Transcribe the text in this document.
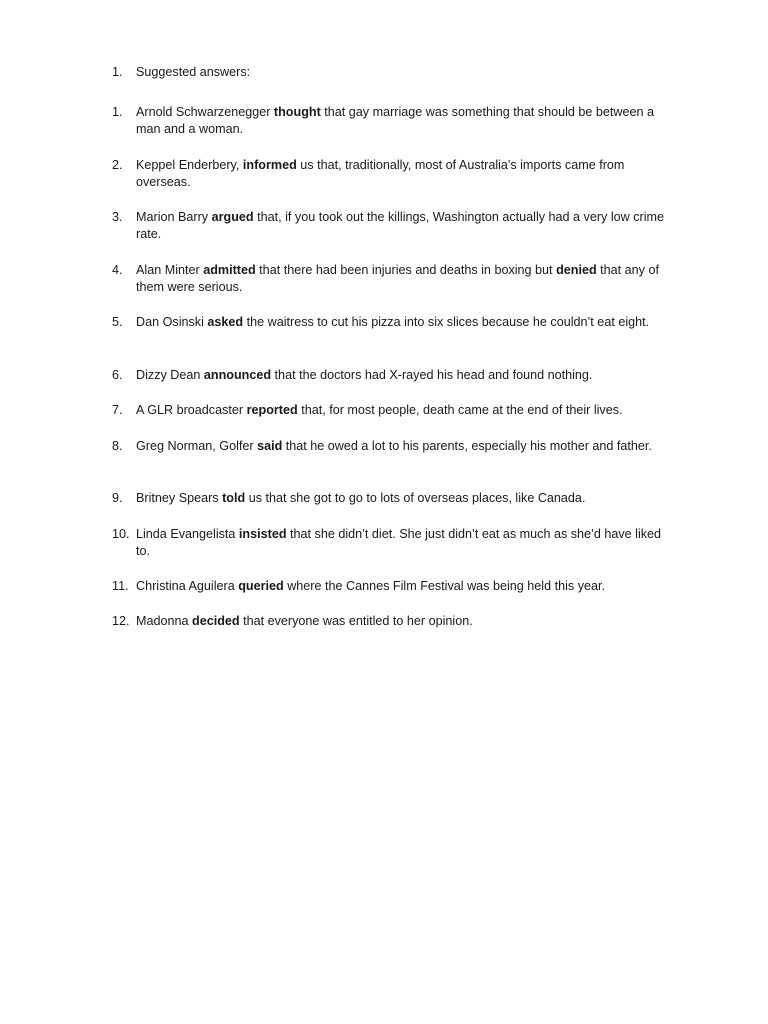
1.	Suggested answers:
1.	Arnold Schwarzenegger thought that gay marriage was something that should be between a man and a woman.
2.	Keppel Enderbery, informed us that, traditionally, most of Australia's imports came from overseas.
3.	Marion Barry argued that, if you took out the killings, Washington actually had a very low crime rate.
4.	Alan Minter admitted that there had been injuries and deaths in boxing but denied that any of them were serious.
5.	Dan Osinski asked the waitress to cut his pizza into six slices because he couldn’t eat eight.
6.	Dizzy Dean announced that the doctors had X-rayed his head and found nothing.
7.	A GLR broadcaster reported that, for most people, death came at the end of their lives.
8.	Greg Norman, Golfer said that he owed a lot to his parents, especially his mother and father.
9.	Britney Spears told us that she got to go to lots of overseas places, like Canada.
10. Linda Evangelista insisted that she didn’t diet. She just didn’t eat as much as she’d have liked to.
11. Christina Aguilera queried where the Cannes Film Festival was being held this year.
12. Madonna decided that everyone was entitled to her opinion.
